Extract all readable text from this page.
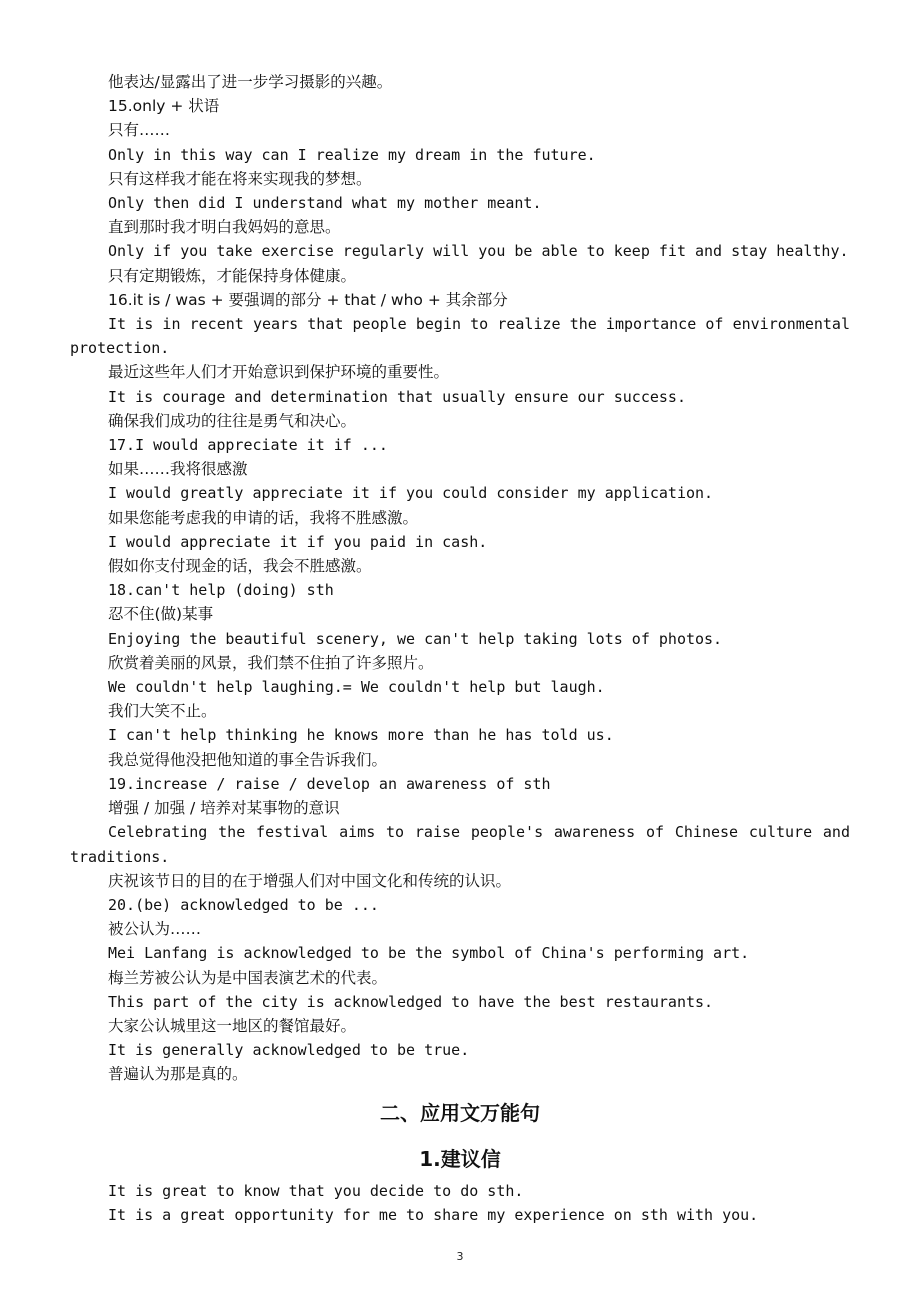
他表达/显露出了进一步学习摄影的兴趣。
15.only + 状语
只有……
Only in this way can I realize my dream in the future.
只有这样我才能在将来实现我的梦想。
Only then did I understand what my mother meant.
直到那时我才明白我妈妈的意思。
Only if you take exercise regularly will you be able to keep fit and stay healthy.
只有定期锻炼，才能保持身体健康。
16.it is / was + 要强调的部分 + that / who + 其余部分
It is in recent years that people begin to realize the importance of environmental protection.
最近这些年人们才开始意识到保护环境的重要性。
It is courage and determination that usually ensure our success.
确保我们成功的往往是勇气和决心。
17.I would appreciate it if ...
如果……我将很感激
I would greatly appreciate it if you could consider my application.
如果您能考虑我的申请的话，我将不胜感激。
I would appreciate it if you paid in cash.
假如你支付现金的话，我会不胜感激。
18.can't help (doing) sth
忍不住(做)某事
Enjoying the beautiful scenery, we can't help taking lots of photos.
欣赏着美丽的风景，我们禁不住拍了许多照片。
We couldn't help laughing.= We couldn't help but laugh.
我们大笑不止。
I can't help thinking he knows more than he has told us.
我总觉得他没把他知道的事全告诉我们。
19.increase / raise / develop an awareness of sth
增强 / 加强 / 培养对某事物的意识
Celebrating the festival aims to raise people's awareness of Chinese culture and traditions.
庆祝该节日的目的在于增强人们对中国文化和传统的认识。
20.(be) acknowledged to be ...
被公认为……
Mei Lanfang is acknowledged to be the symbol of China's performing art.
梅兰芳被公认为是中国表演艺术的代表。
This part of the city is acknowledged to have the best restaurants.
大家公认城里这一地区的餐馆最好。
It is generally acknowledged to be true.
普遍认为那是真的。
二、应用文万能句
1.建议信
It is great to know that you decide to do sth.
It is a great opportunity for me to share my experience on sth with you.
3
